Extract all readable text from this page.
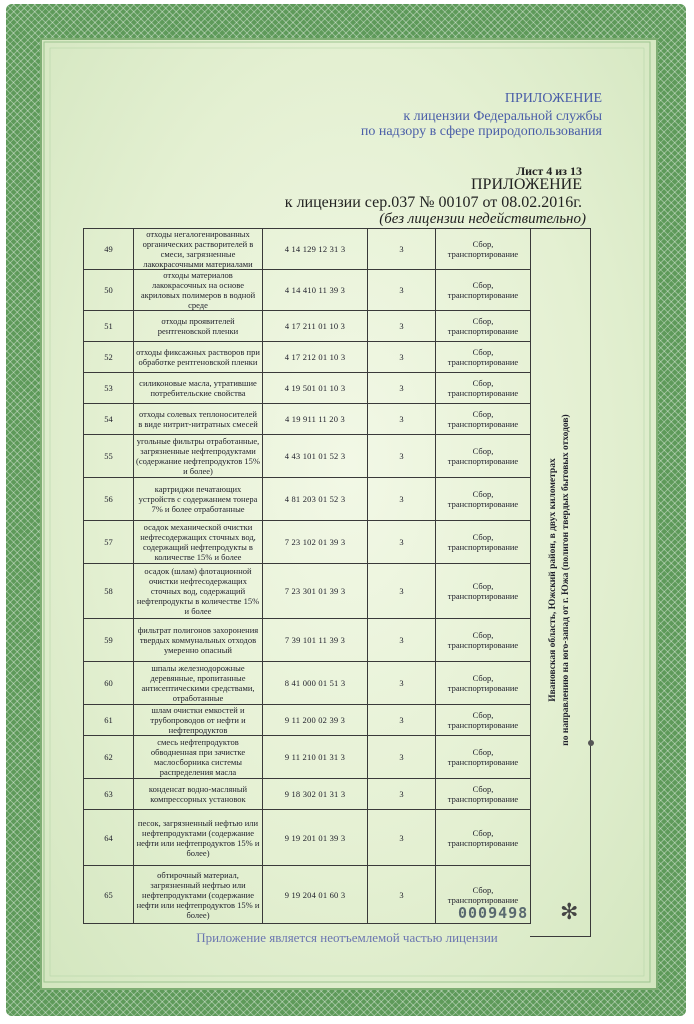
ПРИЛОЖЕНИЕ
к лицензии Федеральной службы
по надзору в сфере природопользования
Лист 4 из 13
ПРИЛОЖЕНИЕ
к лицензии сер.037 № 00107 от 08.02.2016г.
(без лицензии недействительно)
49	отходы негалогенированных органических растворителей в смеси, загрязненные лакокрасочными материалами	4 14 129 12 31 3	3	Сбор, транспортирование
50	отходы материалов лакокрасочных на основе акриловых полимеров в водной среде	4 14 410 11 39 3	3	Сбор, транспортирование
51	отходы проявителей рентгеновской пленки	4 17 211 01 10 3	3	Сбор, транспортирование
52	отходы фиксажных растворов при обработке рентгеновской пленки	4 17 212 01 10 3	3	Сбор, транспортирование
53	силиконовые масла, утратившие потребительские свойства	4 19 501 01 10 3	3	Сбор, транспортирование
54	отходы солевых теплоносителей в виде нитрит-нитратных смесей	4 19 911 11 20 3	3	Сбор, транспортирование
55	угольные фильтры отработанные, загрязненные нефтепродуктами (содержание нефтепродуктов 15% и более)	4 43 101 01 52 3	3	Сбор, транспортирование
56	картриджи печатающих устройств с содержанием тонера 7% и более отработанные	4 81 203 01 52 3	3	Сбор, транспортирование
57	осадок механической очистки нефтесодержащих сточных вод, содержащий нефтепродукты в количестве 15% и более	7 23 102 01 39 3	3	Сбор, транспортирование
58	осадок (шлам) флотационной очистки нефтесодержащих сточных вод, содержащий нефтепродукты в количестве 15% и более	7 23 301 01 39 3	3	Сбор, транспортирование
59	фильтрат полигонов захоронения твердых коммунальных отходов умеренно опасный	7 39 101 11 39 3	3	Сбор, транспортирование
60	шпалы железнодорожные деревянные, пропитанные антисептическими средствами, отработанные	8 41 000 01 51 3	3	Сбор, транспортирование
61	шлам очистки емкостей и трубопроводов от нефти и нефтепродуктов	9 11 200 02 39 3	3	Сбор, транспортирование
62	смесь нефтепродуктов обводненная при зачистке маслосборника системы распределения масла	9 11 210 01 31 3	3	Сбор, транспортирование
63	конденсат водно-масляный компрессорных установок	9 18 302 01 31 3	3	Сбор, транспортирование
64	песок, загрязненный нефтью или нефтепродуктами (содержание нефти или нефтепродуктов 15% и более)	9 19 201 01 39 3	3	Сбор, транспортирование
65	обтирочный материал, загрязненный нефтью или нефтепродуктами (содержание нефти или нефтепродуктов 15% и более)	9 19 204 01 60 3	3	Сбор, транспортирование
Ивановская область, Южский район, в двух километрах по направлению на юго-запад от г. Южа (полигон твердых бытовых отходов)
0009498 ✻
Приложение является неотъемлемой частью лицензии
